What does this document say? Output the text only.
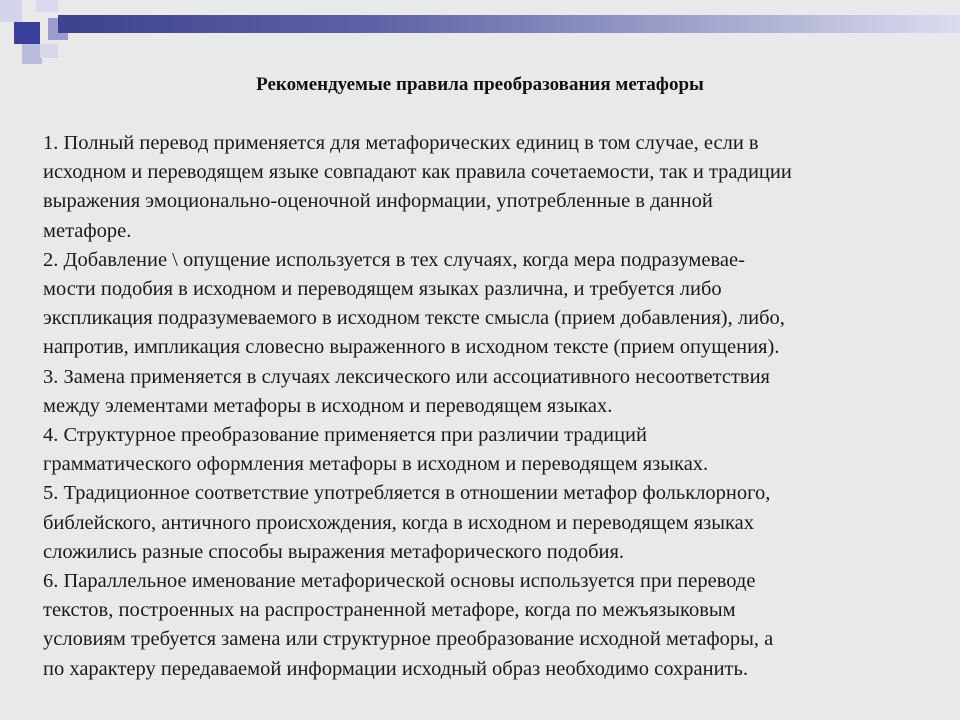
Рекомендуемые правила преобразования метафоры
1. Полный перевод применяется для метафорических единиц в том случае, если в
исходном и переводящем языке совпадают как правила сочетаемости, так и традиции
выражения эмоционально-оценочной информации, употребленные в данной
метафоре.
2. Добавление \ опущение используется в тех случаях, когда мера подразумевае-
мости подобия в исходном и переводящем языках различна, и требуется либо
экспликация подразумеваемого в исходном тексте смысла (прием добавления), либо,
напротив, импликация словесно выраженного в исходном тексте (прием опущения).
3. Замена применяется в случаях лексического или ассоциативного несоответствия
между элементами метафоры в исходном и переводящем языках.
4. Структурное преобразование применяется при различии традиций
грамматического оформления метафоры в исходном и переводящем языках.
5. Традиционное соответствие употребляется в отношении метафор фольклорного,
библейского, античного происхождения, когда в исходном и переводящем языках
сложились разные способы выражения метафорического подобия.
6. Параллельное именование метафорической основы используется при переводе
текстов, построенных на распространенной метафоре, когда по межъязыковым
условиям требуется замена или структурное преобразование исходной метафоры, а
по характеру передаваемой информации исходный образ необходимо сохранить.
